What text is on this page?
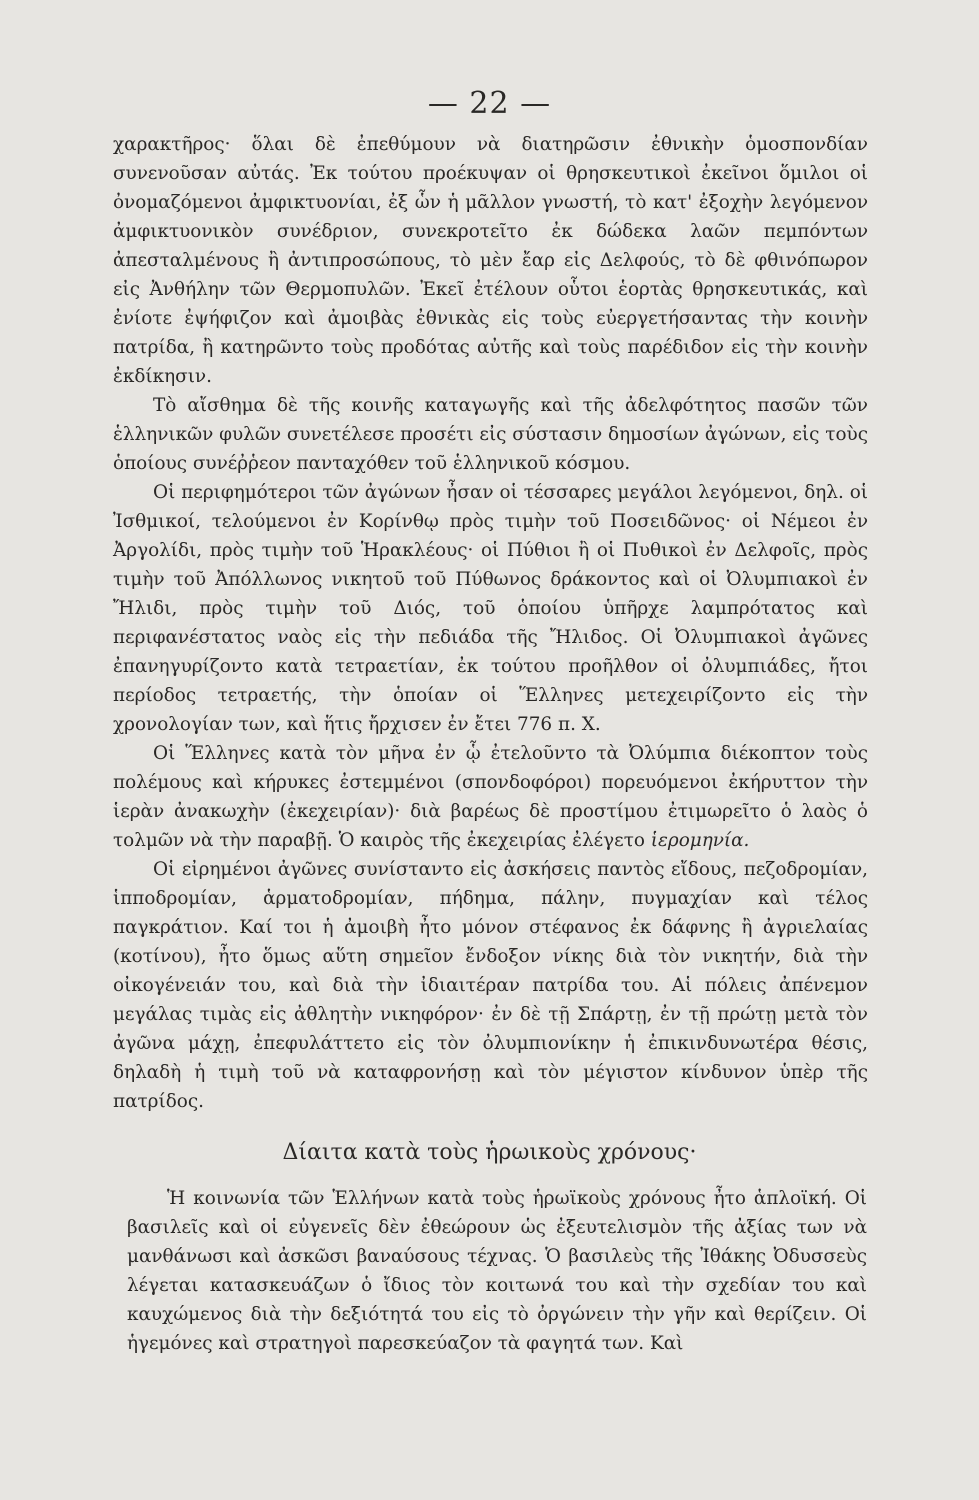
— 22 —

χαρακτῆρος· ὅλαι δὲ ἐπεθύμουν νὰ διατηρῶσιν ἐθνικὴν ὁμοσπονδίαν συνενοῦσαν αὐτάς. Ἐκ τούτου προέκυψαν οἱ θρησκευτικοὶ ἐκεῖνοι ὅμιλοι οἱ ὀνομαζόμενοι ἀμφικτυονίαι, ἐξ ὧν ἡ μᾶλλον γνωστή, τὸ κατ' ἐξοχὴν λεγόμενον ἀμφικτυονικὸν συνέδριον, συνεκροτεῖτο ἐκ δώδεκα λαῶν πεμπόντων ἀπεσταλμένους ἢ ἀντιπροσώπους, τὸ μὲν ἔαρ εἰς Δελφούς, τὸ δὲ φθινόπωρον εἰς Ἀνθήλην τῶν Θερμοπυλῶν. Ἐκεῖ ἐτέλουν οὗτοι ἑορτὰς θρησκευτικάς, καὶ ἐνίοτε ἐψήφιζον καὶ ἀμοιβὰς ἐθνικὰς εἰς τοὺς εὐεργετήσαντας τὴν κοινὴν πατρίδα, ἢ κατηρῶντο τοὺς προδότας αὐτῆς καὶ τοὺς παρέδιδον εἰς τὴν κοινὴν ἐκδίκησιν.

Τὸ αἴσθημα δὲ τῆς κοινῆς καταγωγῆς καὶ τῆς ἀδελφότητος πασῶν τῶν ἑλληνικῶν φυλῶν συνετέλεσε προσέτι εἰς σύστασιν δημοσίων ἀγώνων, εἰς τοὺς ὁποίους συνέῤῥεον πανταχόθεν τοῦ ἑλληνικοῦ κόσμου.

Οἱ περιφημότεροι τῶν ἀγώνων ἦσαν οἱ τέσσαρες μεγάλοι λεγόμενοι, δηλ. οἱ Ἰσθμικοί, τελούμενοι ἐν Κορίνθῳ πρὸς τιμὴν τοῦ Ποσειδῶνος· οἱ Νέμεοι ἐν Ἀργολίδι, πρὸς τιμὴν τοῦ Ἡρακλέους· οἱ Πύθιοι ἢ οἱ Πυθικοὶ ἐν Δελφοῖς, πρὸς τιμὴν τοῦ Ἀπόλλωνος νικητοῦ τοῦ Πύθωνος δράκοντος καὶ οἱ Ὀλυμπιακοὶ ἐν Ἤλιδι, πρὸς τιμὴν τοῦ Διός, τοῦ ὁποίου ὑπῆρχε λαμπρότατος καὶ περιφανέστατος ναὸς εἰς τὴν πεδιάδα τῆς Ἤλιδος. Οἱ Ὀλυμπιακοὶ ἀγῶνες ἐπανηγυρίζοντο κατὰ τετραετίαν, ἐκ τούτου προῆλθον οἱ ὀλυμπιάδες, ἤτοι περίοδος τετραετής, τὴν ὁποίαν οἱ Ἕλληνες μετεχειρίζοντο εἰς τὴν χρονολογίαν των, καὶ ἥτις ἤρχισεν ἐν ἔτει 776 π. Χ.

Οἱ Ἕλληνες κατὰ τὸν μῆνα ἐν ᾧ ἐτελοῦντο τὰ Ὀλύμπια διέκοπτον τοὺς πολέμους καὶ κήρυκες ἐστεμμένοι (σπονδοφόροι) πορευόμενοι ἐκήρυττον τὴν ἱερὰν ἀνακωχὴν (ἐκεχειρίαν)· διὰ βαρέως δὲ προστίμου ἐτιμωρεῖτο ὁ λαὸς ὁ τολμῶν νὰ τὴν παραβῇ. Ὁ καιρὸς τῆς ἐκεχειρίας ἐλέγετο ἱερομηνία.

Οἱ εἰρημένοι ἀγῶνες συνίσταντο εἰς ἀσκήσεις παντὸς εἴδους, πεζοδρομίαν, ἱπποδρομίαν, ἁρματοδρομίαν, πήδημα, πάλην, πυγμαχίαν καὶ τέλος παγκράτιον. Καί τοι ἡ ἀμοιβὴ ἦτο μόνον στέφανος ἐκ δάφνης ἢ ἀγριελαίας (κοτίνου), ἦτο ὅμως αὕτη σημεῖον ἔνδοξον νίκης διὰ τὸν νικητήν, διὰ τὴν οἰκογένειάν του, καὶ διὰ τὴν ἰδιαιτέραν πατρίδα του. Αἱ πόλεις ἀπένεμον μεγάλας τιμὰς εἰς ἀθλητὴν νικηφόρον· ἐν δὲ τῇ Σπάρτῃ, ἐν τῇ πρώτῃ μετὰ τὸν ἀγῶνα μάχῃ, ἐπεφυλάττετο εἰς τὸν ὀλυμπιονίκην ἡ ἐπικινδυνωτέρα θέσις, δηλαδὴ ἡ τιμὴ τοῦ νὰ καταφρονήσῃ καὶ τὸν μέγιστον κίνδυνον ὑπὲρ τῆς πατρίδος.

Δίαιτα κατὰ τοὺς ἡρωικοὺς χρόνους·

Ἡ κοινωνία τῶν Ἑλλήνων κατὰ τοὺς ἡρωϊκοὺς χρόνους ἦτο ἁπλοϊκή. Οἱ βασιλεῖς καὶ οἱ εὐγενεῖς δὲν ἐθεώρουν ὡς ἐξευτελισμὸν τῆς ἀξίας των νὰ μανθάνωσι καὶ ἀσκῶσι βαναύσους τέχνας. Ὁ βασιλεὺς τῆς Ἰθάκης Ὀδυσσεὺς λέγεται κατασκευάζων ὁ ἴδιος τὸν κοιτωνά του καὶ τὴν σχεδίαν του καὶ καυχώμενος διὰ τὴν δεξιότητά του εἰς τὸ ὀργώνειν τὴν γῆν καὶ θερίζειν. Οἱ ἡγεμόνες καὶ στρατηγοὶ παρεσκεύαζον τὰ φαγητά των. Καὶ
